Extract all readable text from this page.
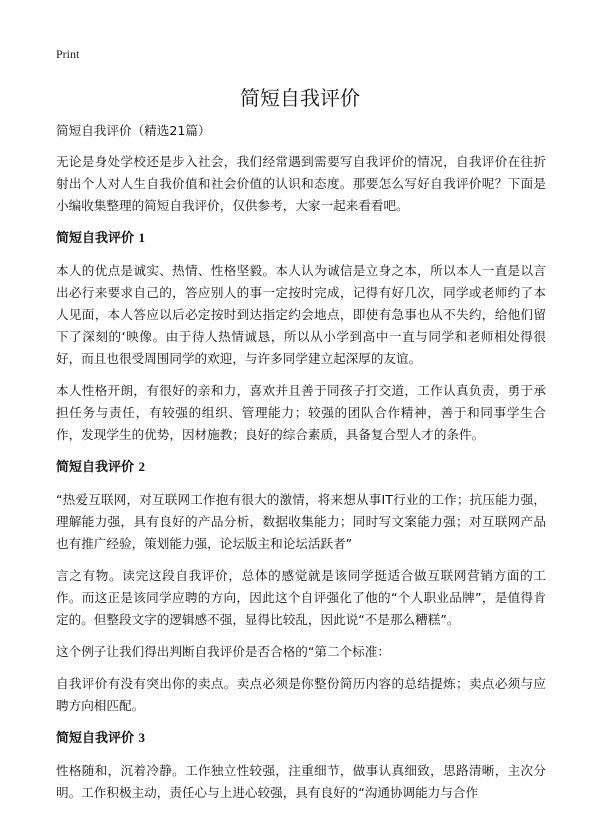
Print
简短自我评价

简短自我评价（精选21篇）

无论是身处学校还是步入社会，我们经常遇到需要写自我评价的情况，自我评价在往折射出个人对人生自我价值和社会价值的认识和态度。那要怎么写好自我评价呢？下面是小编收集整理的简短自我评价，仅供参考，大家一起来看看吧。

简短自我评价 1

本人的优点是诚实、热情、性格坚毅。本人认为诚信是立身之本，所以本人一直是以言出必行来要求自己的，答应别人的事一定按时完成，记得有好几次，同学或老师约了本人见面，本人答应以后必定按时到达指定约会地点，即使有急事也从不失约，给他们留下了深刻的‘映像。由于待人热情诚恳，所以从小学到高中一直与同学和老师相处得很好，而且也很受周围同学的欢迎，与许多同学建立起深厚的友谊。

本人性格开朗，有很好的亲和力，喜欢并且善于同孩子打交道，工作认真负责，勇于承担任务与责任，有较强的组织、管理能力；较强的团队合作精神，善于和同事学生合作，发现学生的优势，因材施教；良好的综合素质，具备复合型人才的条件。

简短自我评价 2

“热爱互联网，对互联网工作抱有很大的激情，将来想从事IT行业的工作；抗压能力强，理解能力强，具有良好的产品分析，数据收集能力；同时写文案能力强；对互联网产品也有推广经验，策划能力强，论坛版主和论坛活跃者”

言之有物。读完这段自我评价，总体的感觉就是该同学挺适合做互联网营销方面的工作。而这正是该同学应聘的方向，因此这个自评强化了他的“个人职业品牌”，是值得肯定的。但整段文字的逻辑感不强，显得比较乱，因此说“不是那么糟糕”。

这个例子让我们得出判断自我评价是否合格的“第二个标准：

自我评价有没有突出你的卖点。卖点必须是你整份简历内容的总结提炼；卖点必须与应聘方向相匹配。

简短自我评价 3

性格随和，沉着冷静。工作独立性较强，注重细节，做事认真细致，思路清晰，主次分明。工作积极主动，责任心与上进心较强，具有良好的“沟通协调能力与合作
